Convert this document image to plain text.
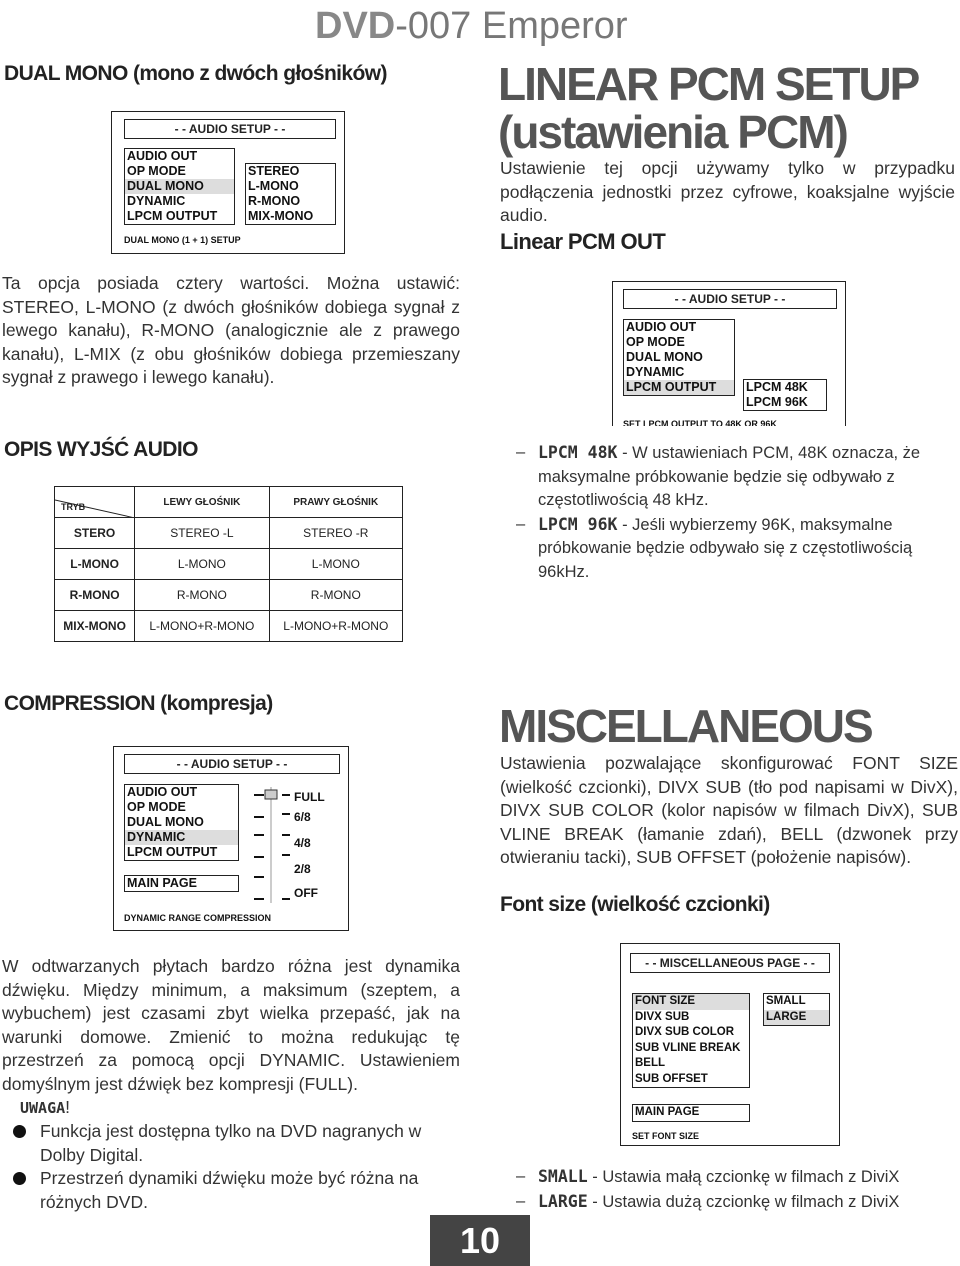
DVD-007 Emperor
DUAL MONO (mono z dwóch głośników)
- - AUDIO SETUP - -
AUDIO OUT
OP MODE
DUAL MONO
DYNAMIC
LPCM OUTPUT
STEREO
L-MONO
R-MONO
MIX-MONO
DUAL MONO (1 + 1) SETUP
Ta opcja posiada cztery wartości. Można ustawić: STEREO, L-MONO (z dwóch głośników dobiega sygnał z lewego kanału), R-MONO (analogicznie ale z prawego kanału), L-MIX (z obu głośników dobiega przemieszany sygnał z prawego i lewego kanału).
OPIS WYJŚĆ AUDIO
TRYB	LEWY GŁOŚNIK	PRAWY GŁOŚNIK
STERO	STEREO -L	STEREO -R
L-MONO	L-MONO	L-MONO
R-MONO	R-MONO	R-MONO
MIX-MONO	L-MONO+R-MONO	L-MONO+R-MONO
LINEAR PCM SETUP
(ustawienia PCM)
Ustawienie tej opcji używamy tylko w przypadku podłączenia jednostki przez cyfrowe, koaksjalne wyjście audio.
Linear PCM OUT
- - AUDIO SETUP - -
AUDIO OUT
OP MODE
DUAL MONO
DYNAMIC
LPCM OUTPUT	LPCM 48K
LPCM 96K
SET LPCM OUTPUT TO 48K OR 96K
– LPCM 48K - W ustawieniach PCM, 48K oznacza, że maksymalne próbkowanie będzie się odbywało z częstotliwością 48 kHz.
– LPCM 96K - Jeśli wybierzemy 96K, maksymalne próbkowanie będzie odbywało się z częstotliwością 96kHz.
COMPRESSION (kompresja)
- - AUDIO SETUP - -
AUDIO OUT
OP MODE
DUAL MONO
DYNAMIC
LPCM OUTPUT
MAIN PAGE
FULL
6/8
4/8
2/8
OFF
DYNAMIC RANGE COMPRESSION
W odtwarzanych płytach bardzo różna jest dynamika dźwięku. Między minimum, a maksimum (szeptem, a wybuchem) jest czasami zbyt wielka przepaść, jak na warunki domowe. Zmienić to można redukując tę przestrzeń za pomocą opcji DYNAMIC. Ustawieniem domyślnym jest dźwięk bez kompresji (FULL).
UWAGA!
Funkcja jest dostępna tylko na DVD nagranych w Dolby Digital.
Przestrzeń dynamiki dźwięku może być różna na różnych DVD.
MISCELLANEOUS
Ustawienia pozwalające skonfigurować FONT SIZE (wielkość czcionki), DIVX SUB (tło pod napisami w DivX), DIVX SUB COLOR (kolor napisów w filmach DivX), SUB VLINE BREAK (łamanie zdań), BELL (dzwonek przy otwieraniu tacki), SUB OFFSET (położenie napisów).
Font size (wielkość czcionki)
- - MISCELLANEOUS PAGE - -
FONT SIZE
DIVX SUB
DIVX SUB COLOR
SUB VLINE BREAK
BELL
SUB OFFSET
SMALL
LARGE
MAIN PAGE
SET FONT SIZE
– SMALL - Ustawia małą czcionkę w filmach z DiviX
– LARGE - Ustawia dużą czcionkę w filmach z DiviX
10
